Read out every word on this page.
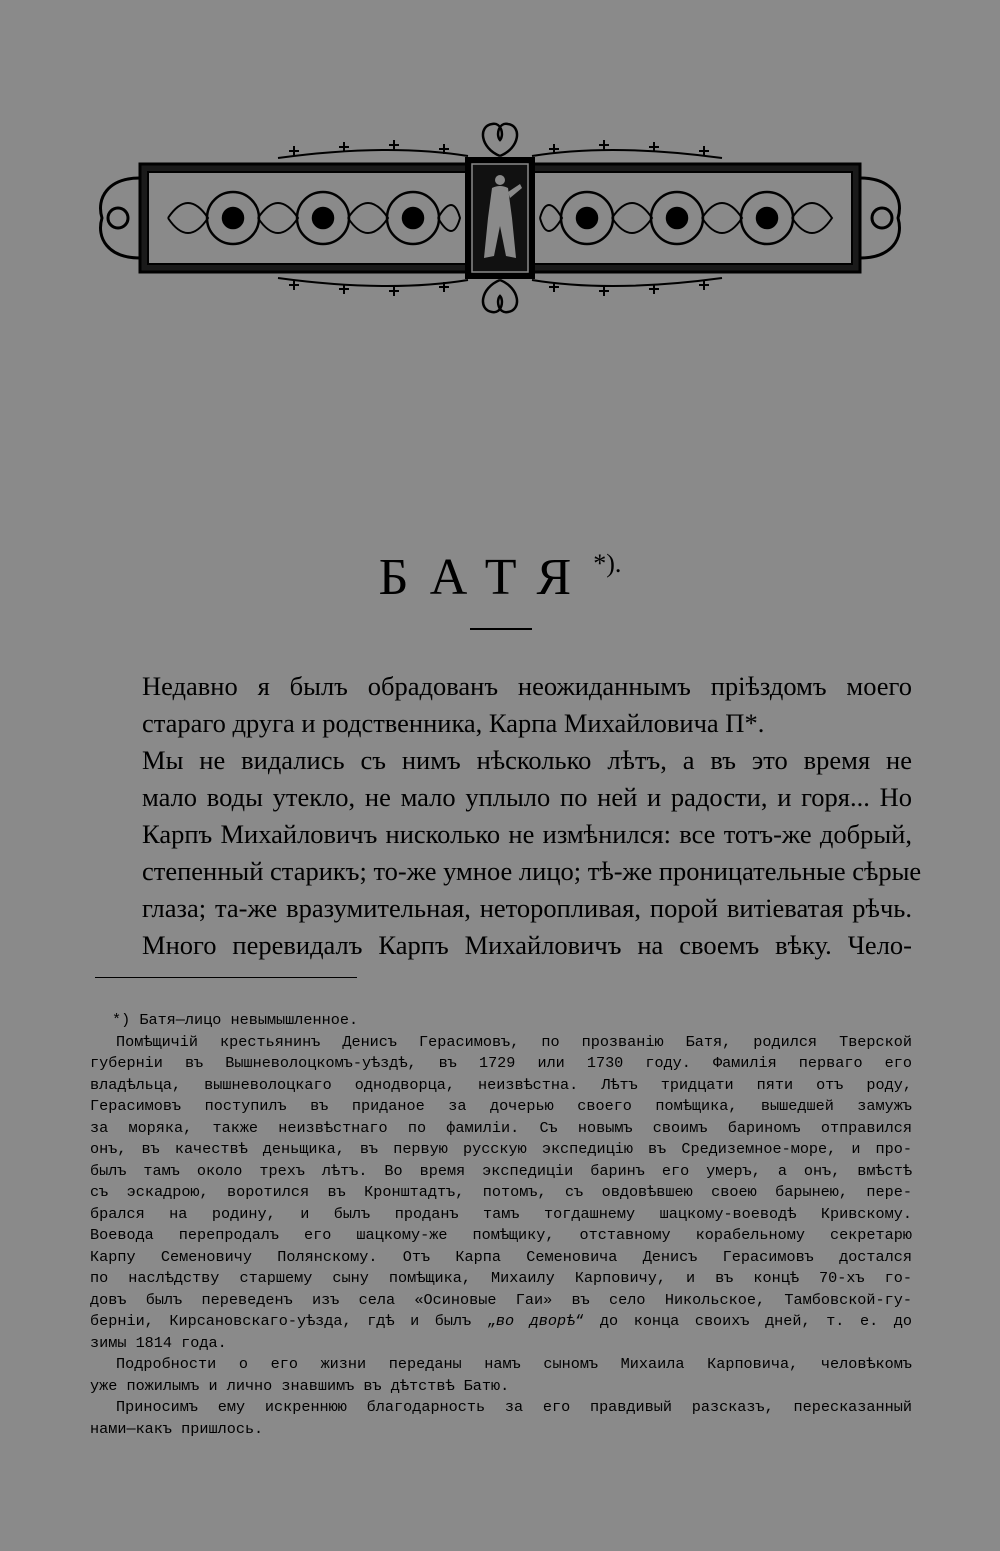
БАТЯ*).
Недавно я былъ обрадованъ неожиданнымъ пріѣздомъ моего
стараго друга и родственника, Карпа Михайловича П*.
Мы не видались съ нимъ нѣсколько лѣтъ, а въ это время не
мало воды утекло, не мало уплыло по ней и радости, и горя... Но
Карпъ Михайловичъ нисколько не измѣнился: все тотъ-же добрый,
степенный старикъ; то-же умное лицо; тѣ-же проницательные сѣрые
глаза; та-же вразумительная, неторопливая, порой витіеватая рѣчь.
Много перевидалъ Карпъ Михайловичъ на своемъ вѣку. Чело-
*) Батя—лицо невымышленное.
Помѣщичій крестьянинъ Денисъ Герасимовъ, по прозванію Батя, родился Тверской
губерніи въ Вышневолоцкомъ-уѣздѣ, въ 1729 или 1730 году. Фамилія перваго его
владѣльца, вышневолоцкаго однодворца, неизвѣстна. Лѣтъ тридцати пяти отъ роду,
Герасимовъ поступилъ въ приданое за дочерью своего помѣщика, вышедшей замужъ
за моряка, также неизвѣстнаго по фамиліи. Съ новымъ своимъ бариномъ отправился
онъ, въ качествѣ деньщика, въ первую русскую экспедицію въ Средиземное-море, и про-
былъ тамъ около трехъ лѣтъ. Во время экспедиціи баринъ его умеръ, а онъ, вмѣстѣ
съ эскадрою, воротился въ Кронштадтъ, потомъ, съ овдовѣвшею своею барынею, пере-
брался на родину, и былъ проданъ тамъ тогдашнему шацкому-воеводѣ Кривскому.
Воевода перепродалъ его шацкому-же помѣщику, отставному корабельному секретарю
Карпу Семеновичу Полянскому. Отъ Карпа Семеновича Денисъ Герасимовъ достался
по наслѣдству старшему сыну помѣщика, Михаилу Карповичу, и въ концѣ 70-хъ го-
довъ былъ переведенъ изъ села «Осиновые Гаи» въ село Никольское, Тамбовской-гу-
берніи, Кирсановскаго-уѣзда, гдѣ и былъ „во дворѣ“ до конца своихъ дней, т. е. до
зимы 1814 года.
Подробности о его жизни переданы намъ сыномъ Михаила Карповича, человѣкомъ
уже пожилымъ и лично знавшимъ въ дѣтствѣ Батю.
Приносимъ ему искреннюю благодарность за его правдивый разсказъ, пересказанный
нами—какъ пришлось.
